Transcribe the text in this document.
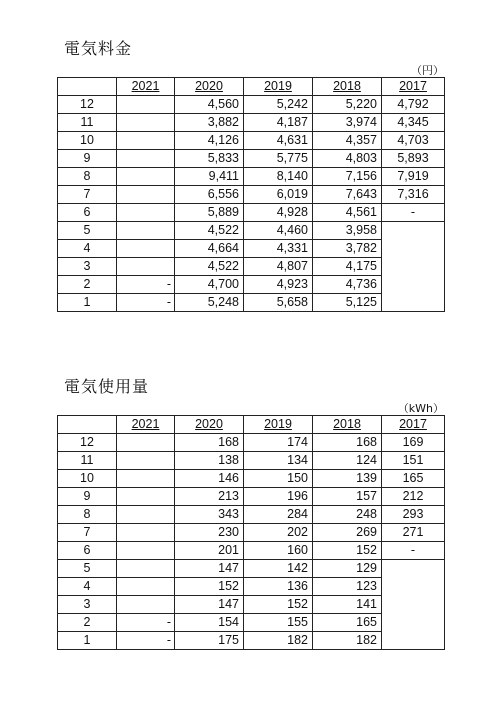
電気料金
（円）
	2021	2020	2019	2018	2017
12		4,560	5,242	5,220	4,792
11		3,882	4,187	3,974	4,345
10		4,126	4,631	4,357	4,703
9		5,833	5,775	4,803	5,893
8		9,411	8,140	7,156	7,919
7		6,556	6,019	7,643	7,316
6		5,889	4,928	4,561	-
5		4,522	4,460	3,958	
4		4,664	4,331	3,782	
3		4,522	4,807	4,175	
2	-	4,700	4,923	4,736	
1	-	5,248	5,658	5,125	
電気使用量
（kWh）
	2021	2020	2019	2018	2017
12		168	174	168	169
11		138	134	124	151
10		146	150	139	165
9		213	196	157	212
8		343	284	248	293
7		230	202	269	271
6		201	160	152	-
5		147	142	129	
4		152	136	123	
3		147	152	141	
2	-	154	155	165	
1	-	175	182	182	
